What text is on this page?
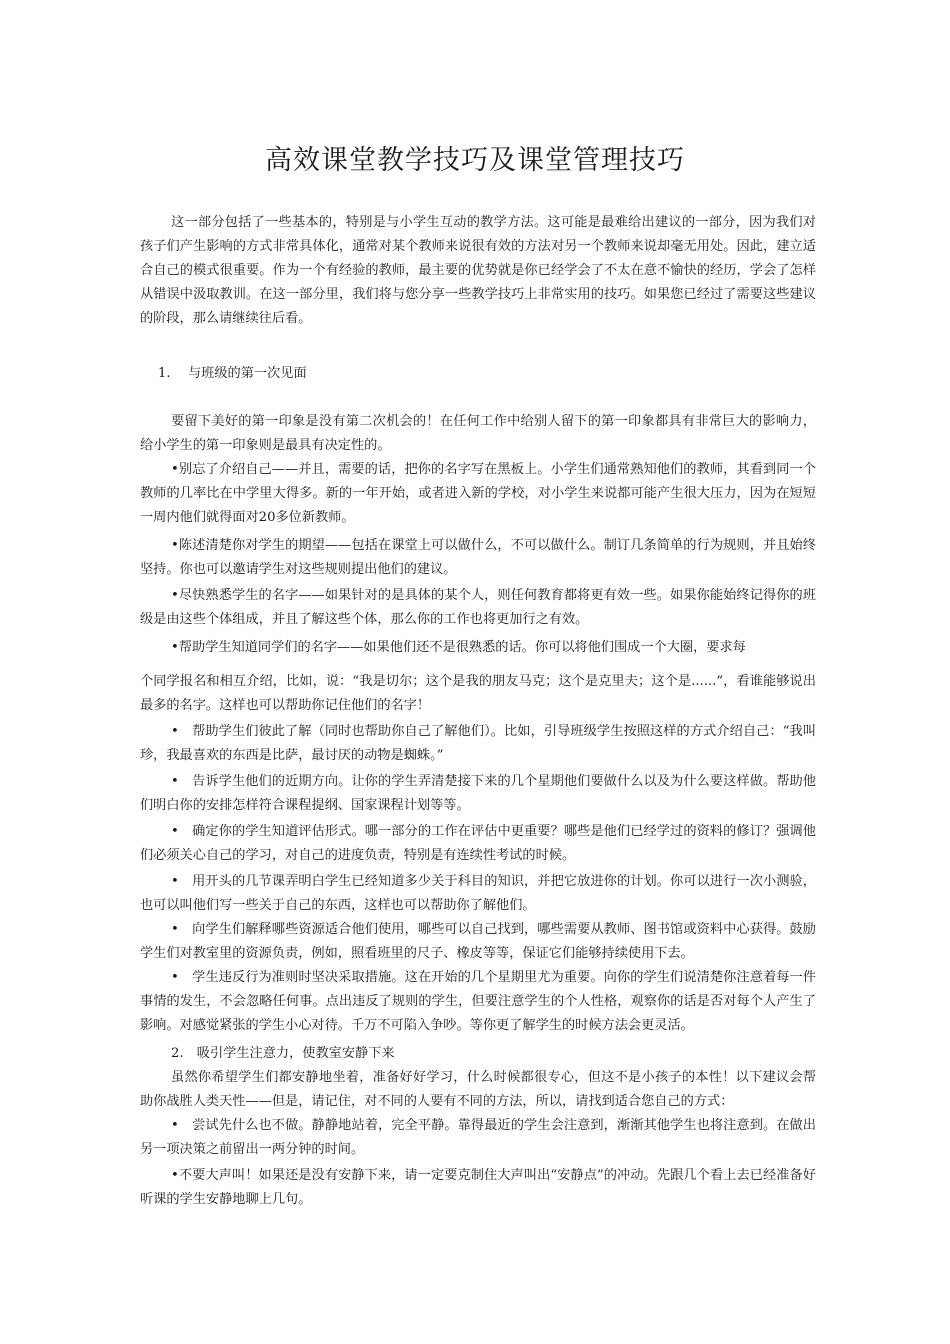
高效课堂教学技巧及课堂管理技巧

这一部分包括了一些基本的，特别是与小学生互动的教学方法。这可能是最难给出建议的一部分，因为我们对孩子们产生影响的方式非常具体化，通常对某个教师来说很有效的方法对另一个教师来说却毫无用处。因此，建立适合自己的模式很重要。作为一个有经验的教师，最主要的优势就是你已经学会了不太在意不愉快的经历，学会了怎样从错误中汲取教训。在这一部分里，我们将与您分享一些教学技巧上非常实用的技巧。如果您已经过了需要这些建议的阶段，那么请继续往后看。

1.　 与班级的第一次见面

要留下美好的第一印象是没有第二次机会的！在任何工作中给别人留下的第一印象都具有非常巨大的影响力，给小学生的第一印象则是最具有决定性的。

•别忘了介绍自己——并且，需要的话，把你的名字写在黑板上。小学生们通常熟知他们的教师，其看到同一个教师的几率比在中学里大得多。新的一年开始，或者进入新的学校，对小学生来说都可能产生很大压力，因为在短短一周内他们就得面对20多位新教师。

•陈述清楚你对学生的期望——包括在课堂上可以做什么，不可以做什么。制订几条简单的行为规则，并且始终坚持。你也可以邀请学生对这些规则提出他们的建议。

•尽快熟悉学生的名字——如果针对的是具体的某个人，则任何教育都将更有效一些。如果你能始终记得你的班级是由这些个体组成，并且了解这些个体，那么你的工作也将更加行之有效。

•帮助学生知道同学们的名字——如果他们还不是很熟悉的话。你可以将他们围成一个大圈，要求每

个同学报名和相互介绍，比如，说：“我是切尔；这个是我的朋友马克；这个是克里夫；这个是......”，看谁能够说出最多的名字。这样也可以帮助你记住他们的名字！

•　帮助学生们彼此了解（同时也帮助你自己了解他们）。比如，引导班级学生按照这样的方式介绍自己：“我叫珍，我最喜欢的东西是比萨，最讨厌的动物是蜘蛛。”

•　告诉学生他们的近期方向。让你的学生弄清楚接下来的几个星期他们要做什么以及为什么要这样做。帮助他们明白你的安排怎样符合课程提纲、国家课程计划等等。

•　确定你的学生知道评估形式。哪一部分的工作在评估中更重要？哪些是他们已经学过的资料的修订？强调他们必须关心自己的学习，对自己的进度负责，特别是有连续性考试的时候。

•　用开头的几节课弄明白学生已经知道多少关于科目的知识，并把它放进你的计划。你可以进行一次小测验，也可以叫他们写一些关于自己的东西，这样也可以帮助你了解他们。

•　向学生们解释哪些资源适合他们使用，哪些可以自己找到，哪些需要从教师、图书馆或资料中心获得。鼓励学生们对教室里的资源负责，例如，照看班里的尺子、橡皮等等，保证它们能够持续使用下去。

•　学生违反行为准则时坚决采取措施。这在开始的几个星期里尤为重要。向你的学生们说清楚你注意着每一件事情的发生，不会忽略任何事。点出违反了规则的学生，但要注意学生的个人性格，观察你的话是否对每个人产生了影响。对感觉紧张的学生小心对待。千万不可陷入争吵。等你更了解学生的时候方法会更灵活。

2.　吸引学生注意力，使教室安静下来

虽然你希望学生们都安静地坐着，准备好好学习，什么时候都很专心，但这不是小孩子的本性！以下建议会帮助你战胜人类天性——但是，请记住，对不同的人要有不同的方法，所以，请找到适合您自己的方式：

•　尝试先什么也不做。静静地站着，完全平静。靠得最近的学生会注意到，渐渐其他学生也将注意到。在做出另一项决策之前留出一两分钟的时间。

•不要大声叫！如果还是没有安静下来，请一定要克制住大声叫出“安静点”的冲动。先跟几个看上去已经准备好听课的学生安静地聊上几句。
